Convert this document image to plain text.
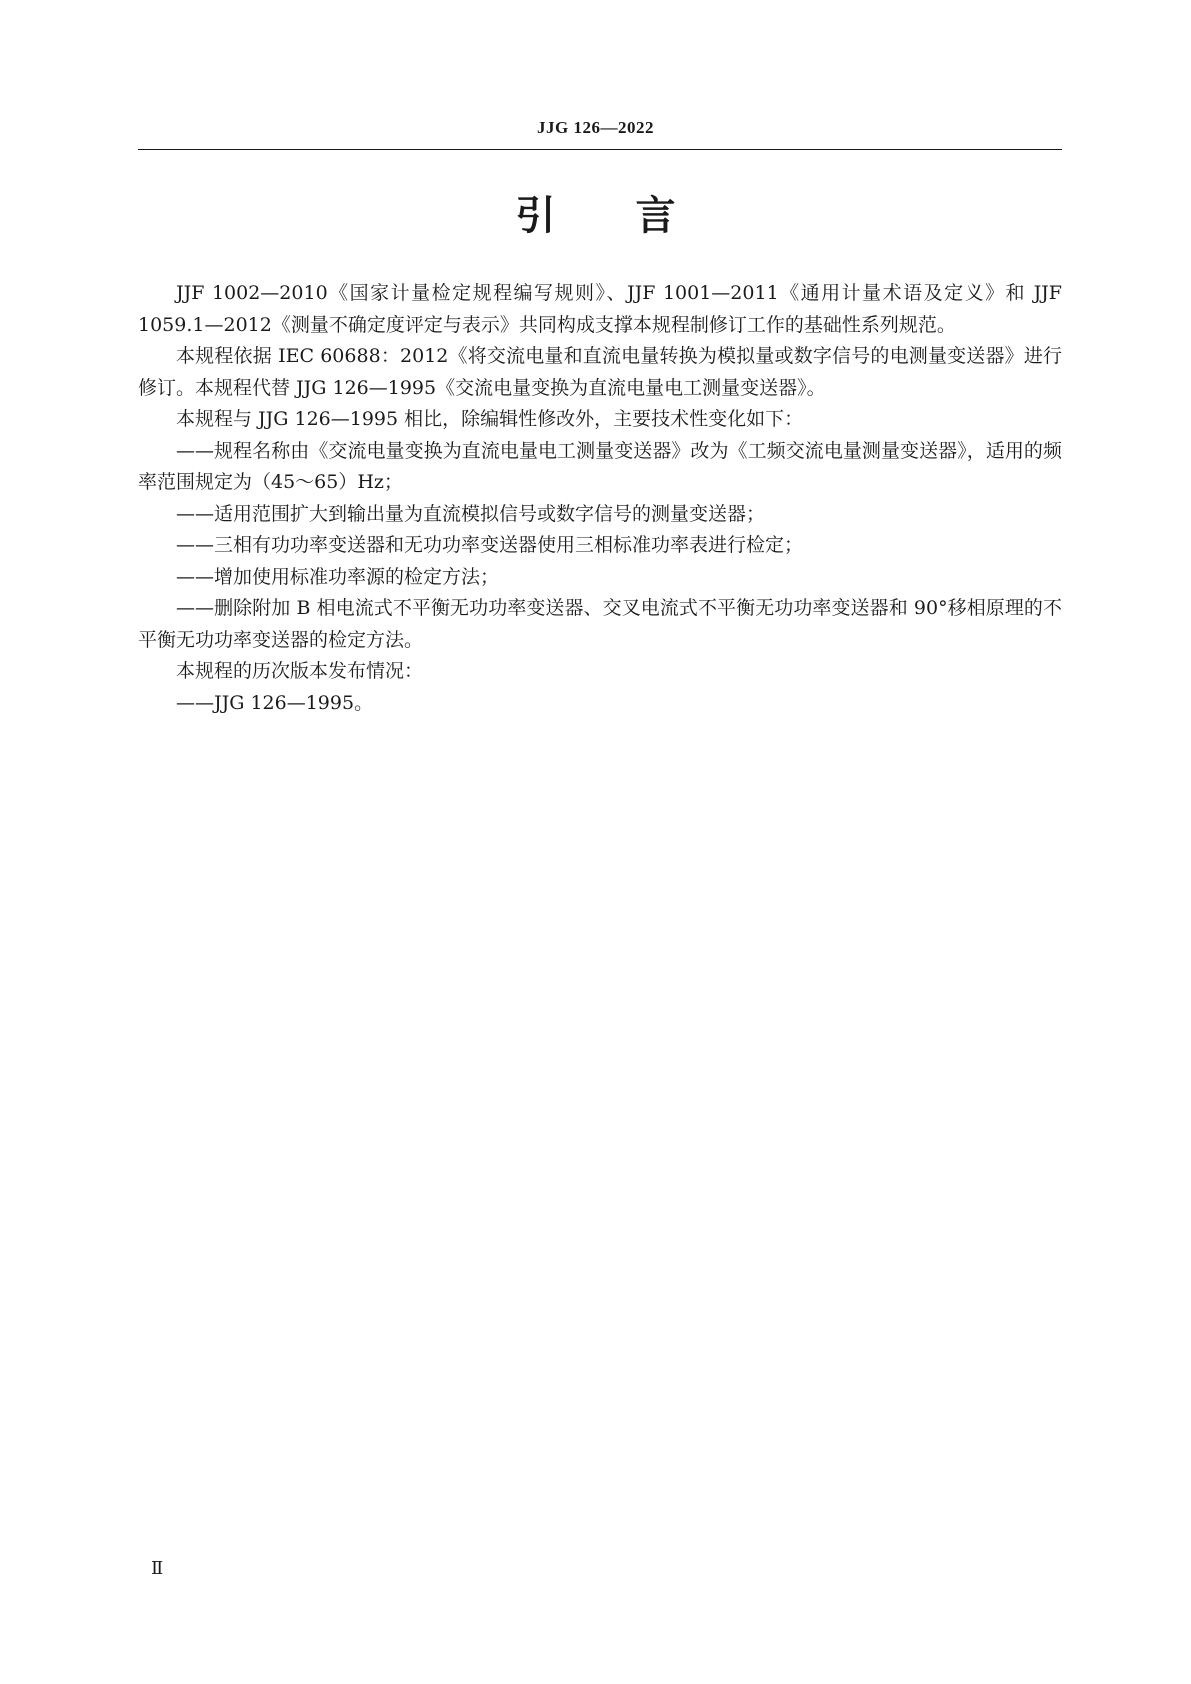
JJG 126—2022
引 言

JJF 1002—2010《国家计量检定规程编写规则》、JJF 1001—2011《通用计量术语及定义》和 JJF 1059.1—2012《测量不确定度评定与表示》共同构成支撑本规程制修订工作的基础性系列规范。

本规程依据 IEC 60688：2012《将交流电量和直流电量转换为模拟量或数字信号的电测量变送器》进行修订。本规程代替 JJG 126—1995《交流电量变换为直流电量电工测量变送器》。

本规程与 JJG 126—1995 相比，除编辑性修改外，主要技术性变化如下：

——规程名称由《交流电量变换为直流电量电工测量变送器》改为《工频交流电量测量变送器》，适用的频率范围规定为（45～65）Hz；

——适用范围扩大到输出量为直流模拟信号或数字信号的测量变送器；

——三相有功功率变送器和无功功率变送器使用三相标准功率表进行检定；

——增加使用标准功率源的检定方法；

——删除附加 B 相电流式不平衡无功功率变送器、交叉电流式不平衡无功功率变送器和 90°移相原理的不平衡无功功率变送器的检定方法。

本规程的历次版本发布情况：

——JJG 126—1995。

Ⅱ
